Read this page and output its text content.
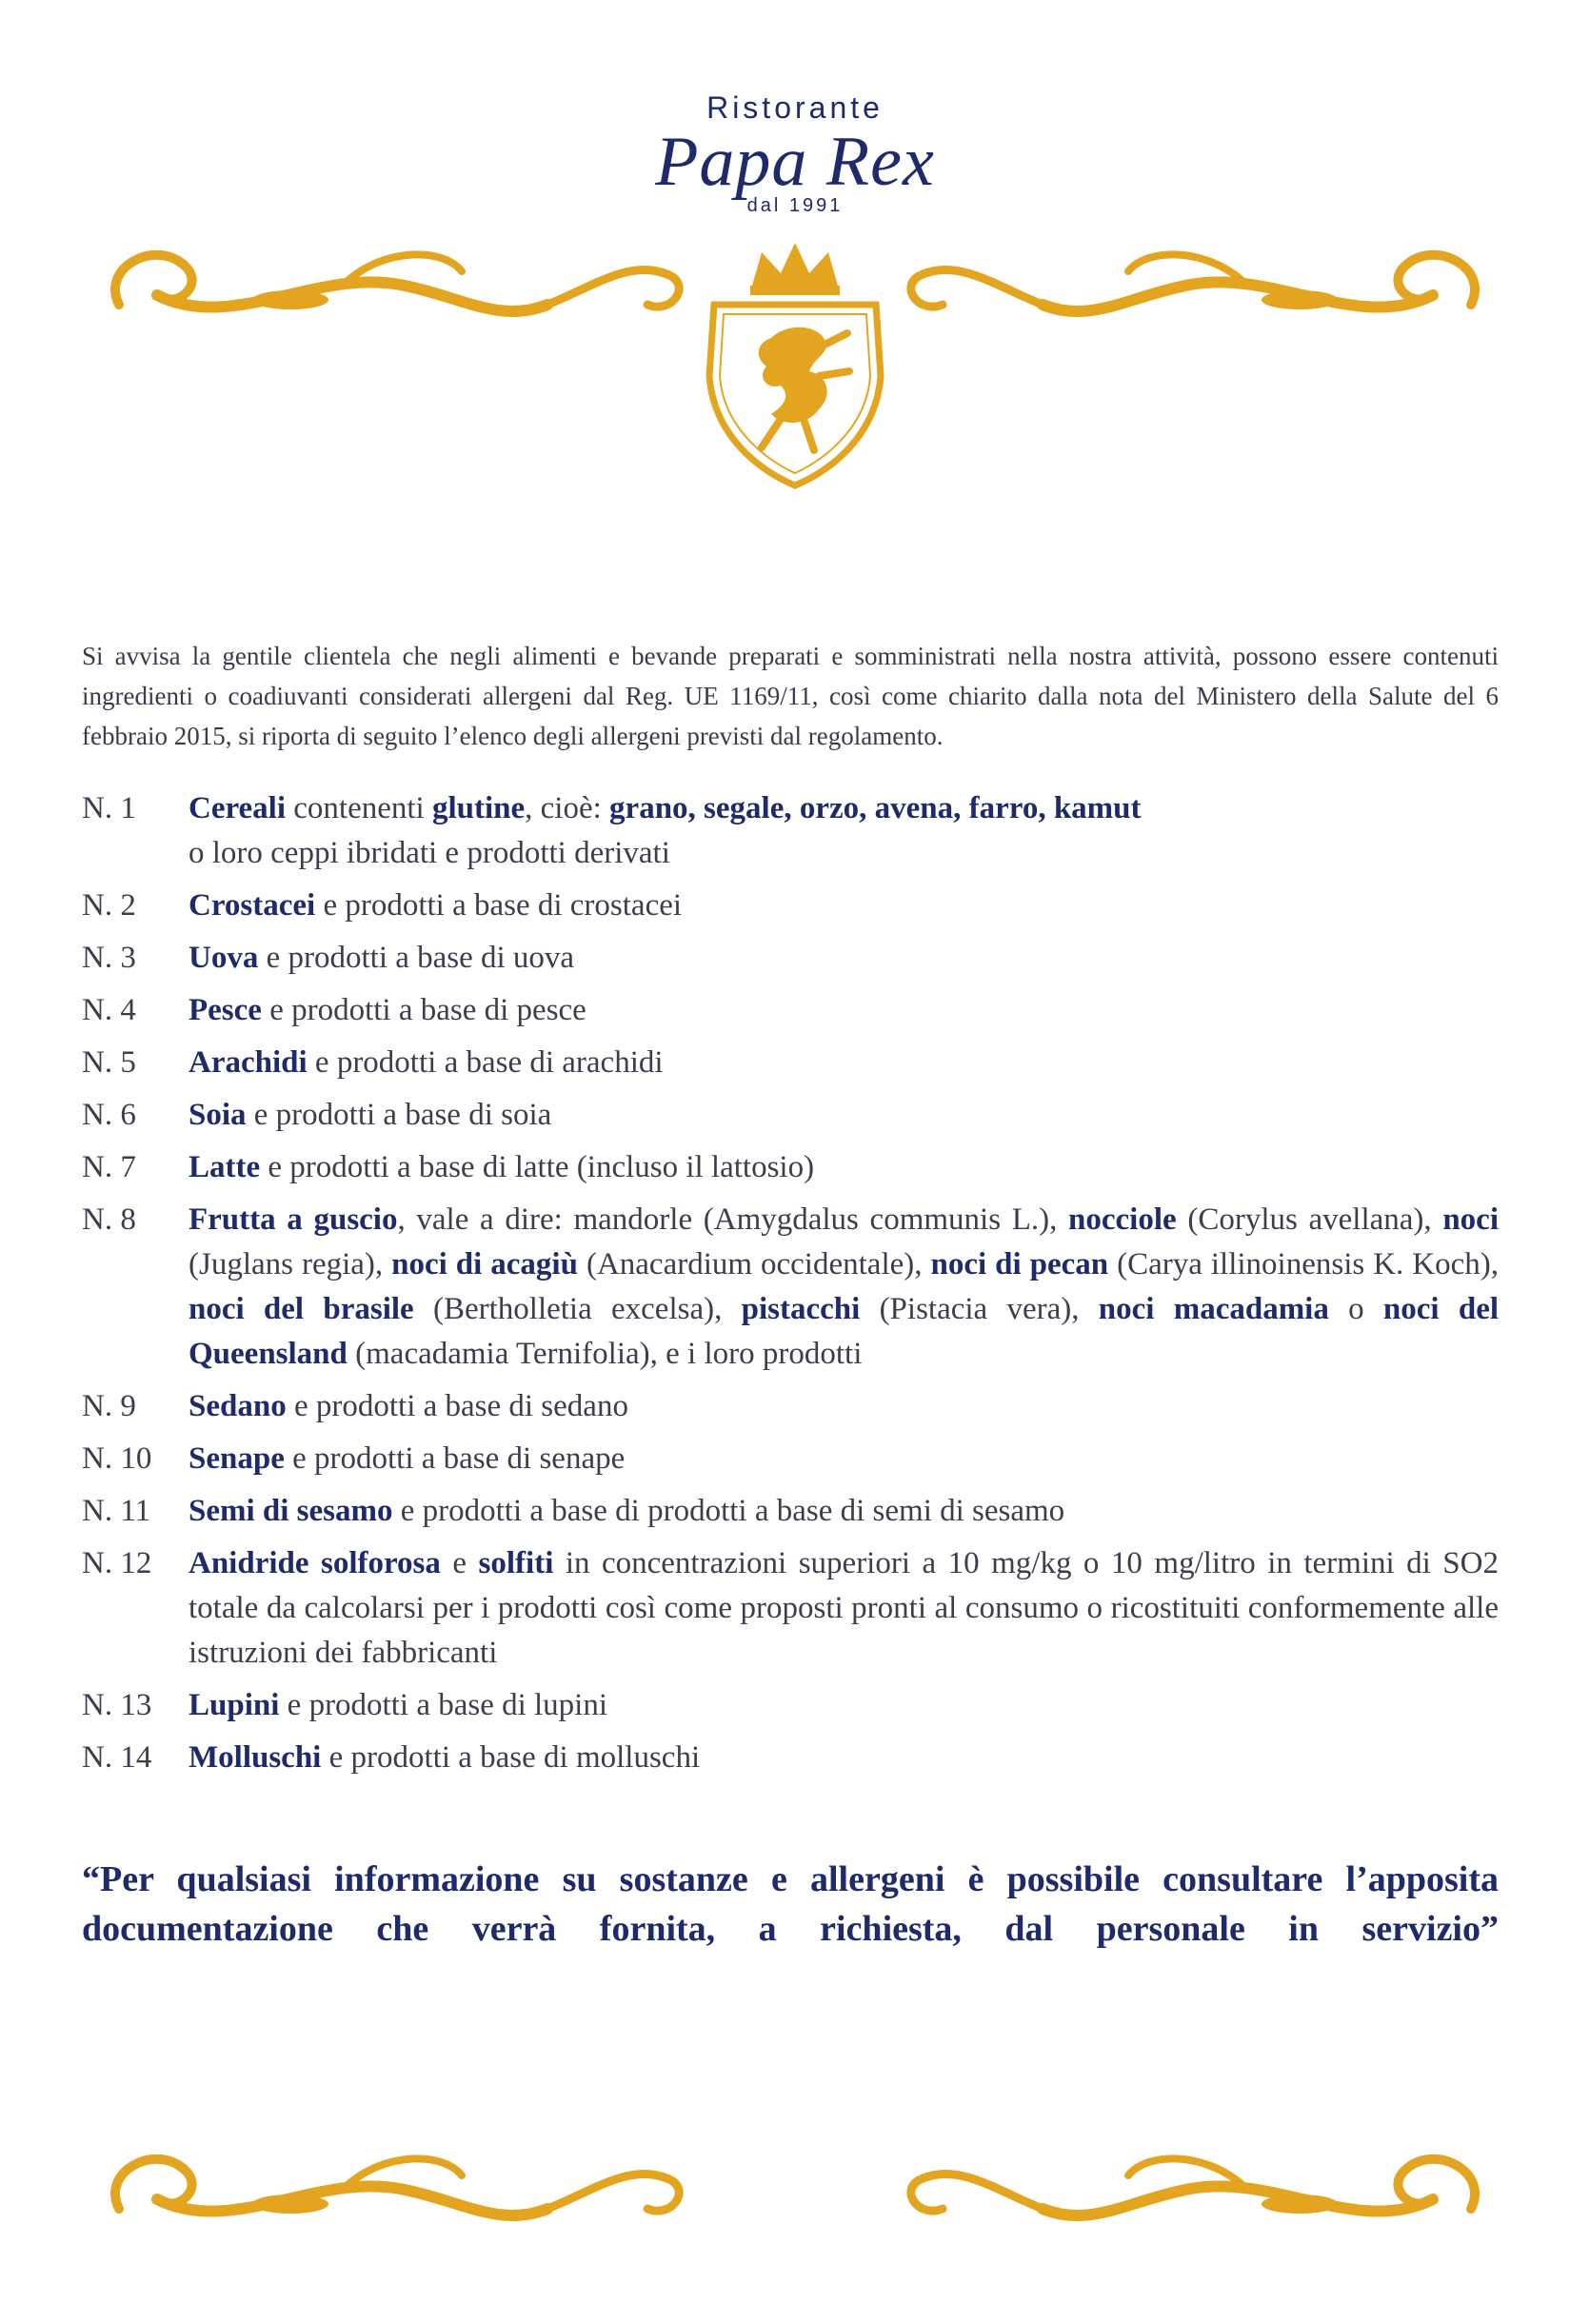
Ristorante
Papa Rex
dal 1991

Si avvisa la gentile clientela che negli alimenti e bevande preparati e somministrati nella nostra attività, possono essere contenuti ingredienti o coadiuvanti considerati allergeni dal Reg. UE 1169/11, così come chiarito dalla nota del Ministero della Salute del 6 febbraio 2015, si riporta di seguito l’elenco degli allergeni previsti dal regolamento.

N. 1	Cereali contenenti glutine, cioè: grano, segale, orzo, avena, farro, kamut
o loro ceppi ibridati e prodotti derivati
N. 2	Crostacei e prodotti a base di crostacei
N. 3	Uova e prodotti a base di uova
N. 4	Pesce e prodotti a base di pesce
N. 5	Arachidi e prodotti a base di arachidi
N. 6	Soia e prodotti a base di soia
N. 7	Latte e prodotti a base di latte (incluso il lattosio)
N. 8	Frutta a guscio, vale a dire: mandorle (Amygdalus communis L.), nocciole (Corylus avellana), noci (Juglans regia), noci di acagiù (Anacardium occidentale), noci di pecan (Carya illinoinensis K. Koch), noci del brasile (Bertholletia excelsa), pistacchi (Pistacia vera), noci macadamia o noci del Queensland (macadamia Ternifolia), e i loro prodotti
N. 9	Sedano e prodotti a base di sedano
N. 10	Senape e prodotti a base di senape
N. 11	Semi di sesamo e prodotti a base di prodotti a base di semi di sesamo
N. 12	Anidride solforosa e solfiti in concentrazioni superiori a 10 mg/kg o 10 mg/litro in termini di SO2 totale da calcolarsi per i prodotti così come proposti pronti al consumo o ricostituiti conformemente alle istruzioni dei fabbricanti
N. 13	Lupini e prodotti a base di lupini
N. 14	Molluschi e prodotti a base di molluschi
“Per qualsiasi informazione su sostanze e allergeni è possibile consultare l’apposita documentazione che verrà fornita, a richiesta, dal personale in servizio”
